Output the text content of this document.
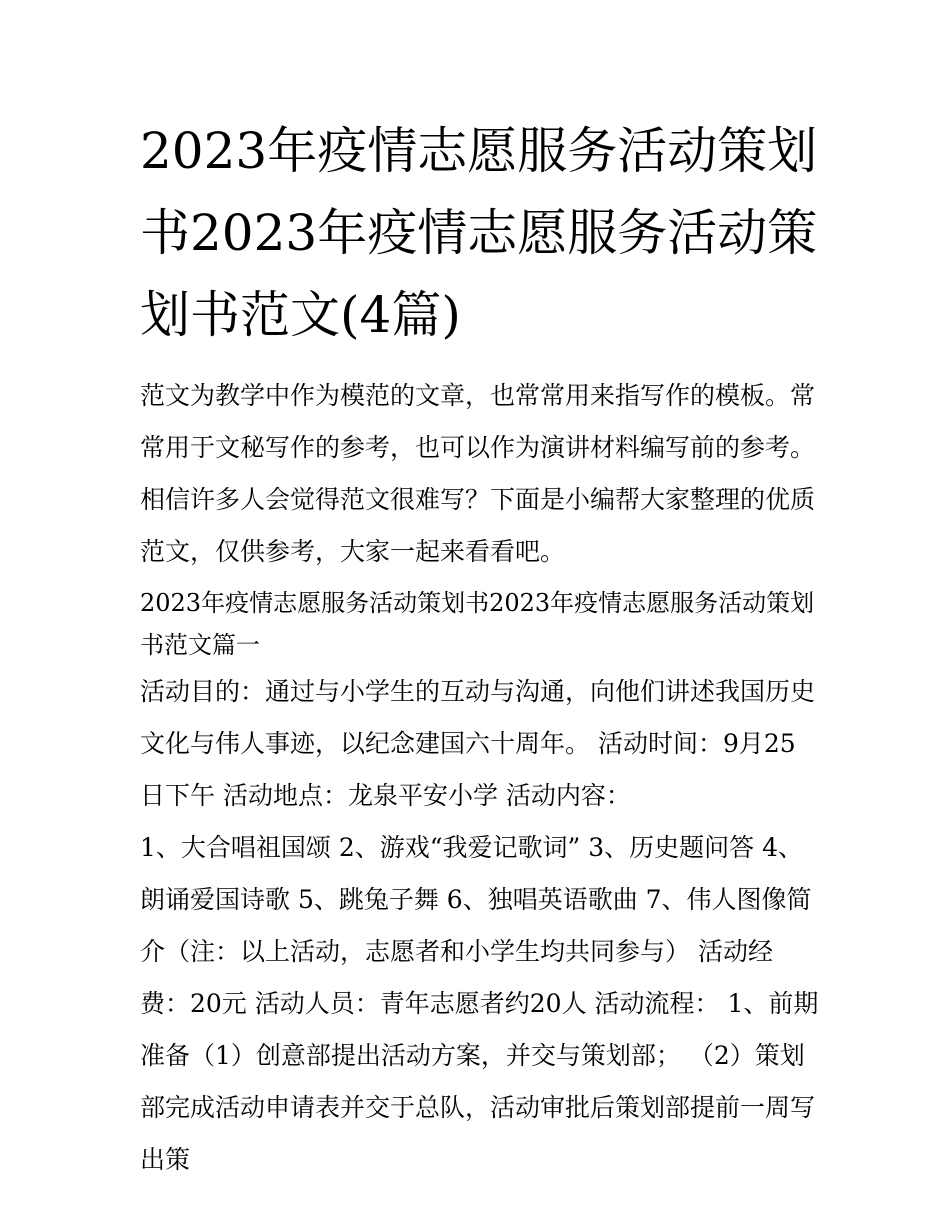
2023年疫情志愿服务活动策划书2023年疫情志愿服务活动策划书范文(4篇)

范文为教学中作为模范的文章，也常常用来指写作的模板。常常用于文秘写作的参考，也可以作为演讲材料编写前的参考。相信许多人会觉得范文很难写？下面是小编帮大家整理的优质范文，仅供参考，大家一起来看看吧。

2023年疫情志愿服务活动策划书2023年疫情志愿服务活动策划书范文篇一

活动目的：通过与小学生的互动与沟通，向他们讲述我国历史文化与伟人事迹，以纪念建国六十周年。 活动时间：9月25日下午 活动地点：龙泉平安小学 活动内容：

1、大合唱祖国颂 2、游戏“我爱记歌词” 3、历史题问答 4、朗诵爱国诗歌 5、跳兔子舞 6、独唱英语歌曲 7、伟人图像简介（注：以上活动，志愿者和小学生均共同参与） 活动经费：20元 活动人员：青年志愿者约20人 活动流程： 1、前期准备（1）创意部提出活动方案，并交与策划部； （2）策划部完成活动申请表并交于总队，活动审批后策划部提前一周写出策
